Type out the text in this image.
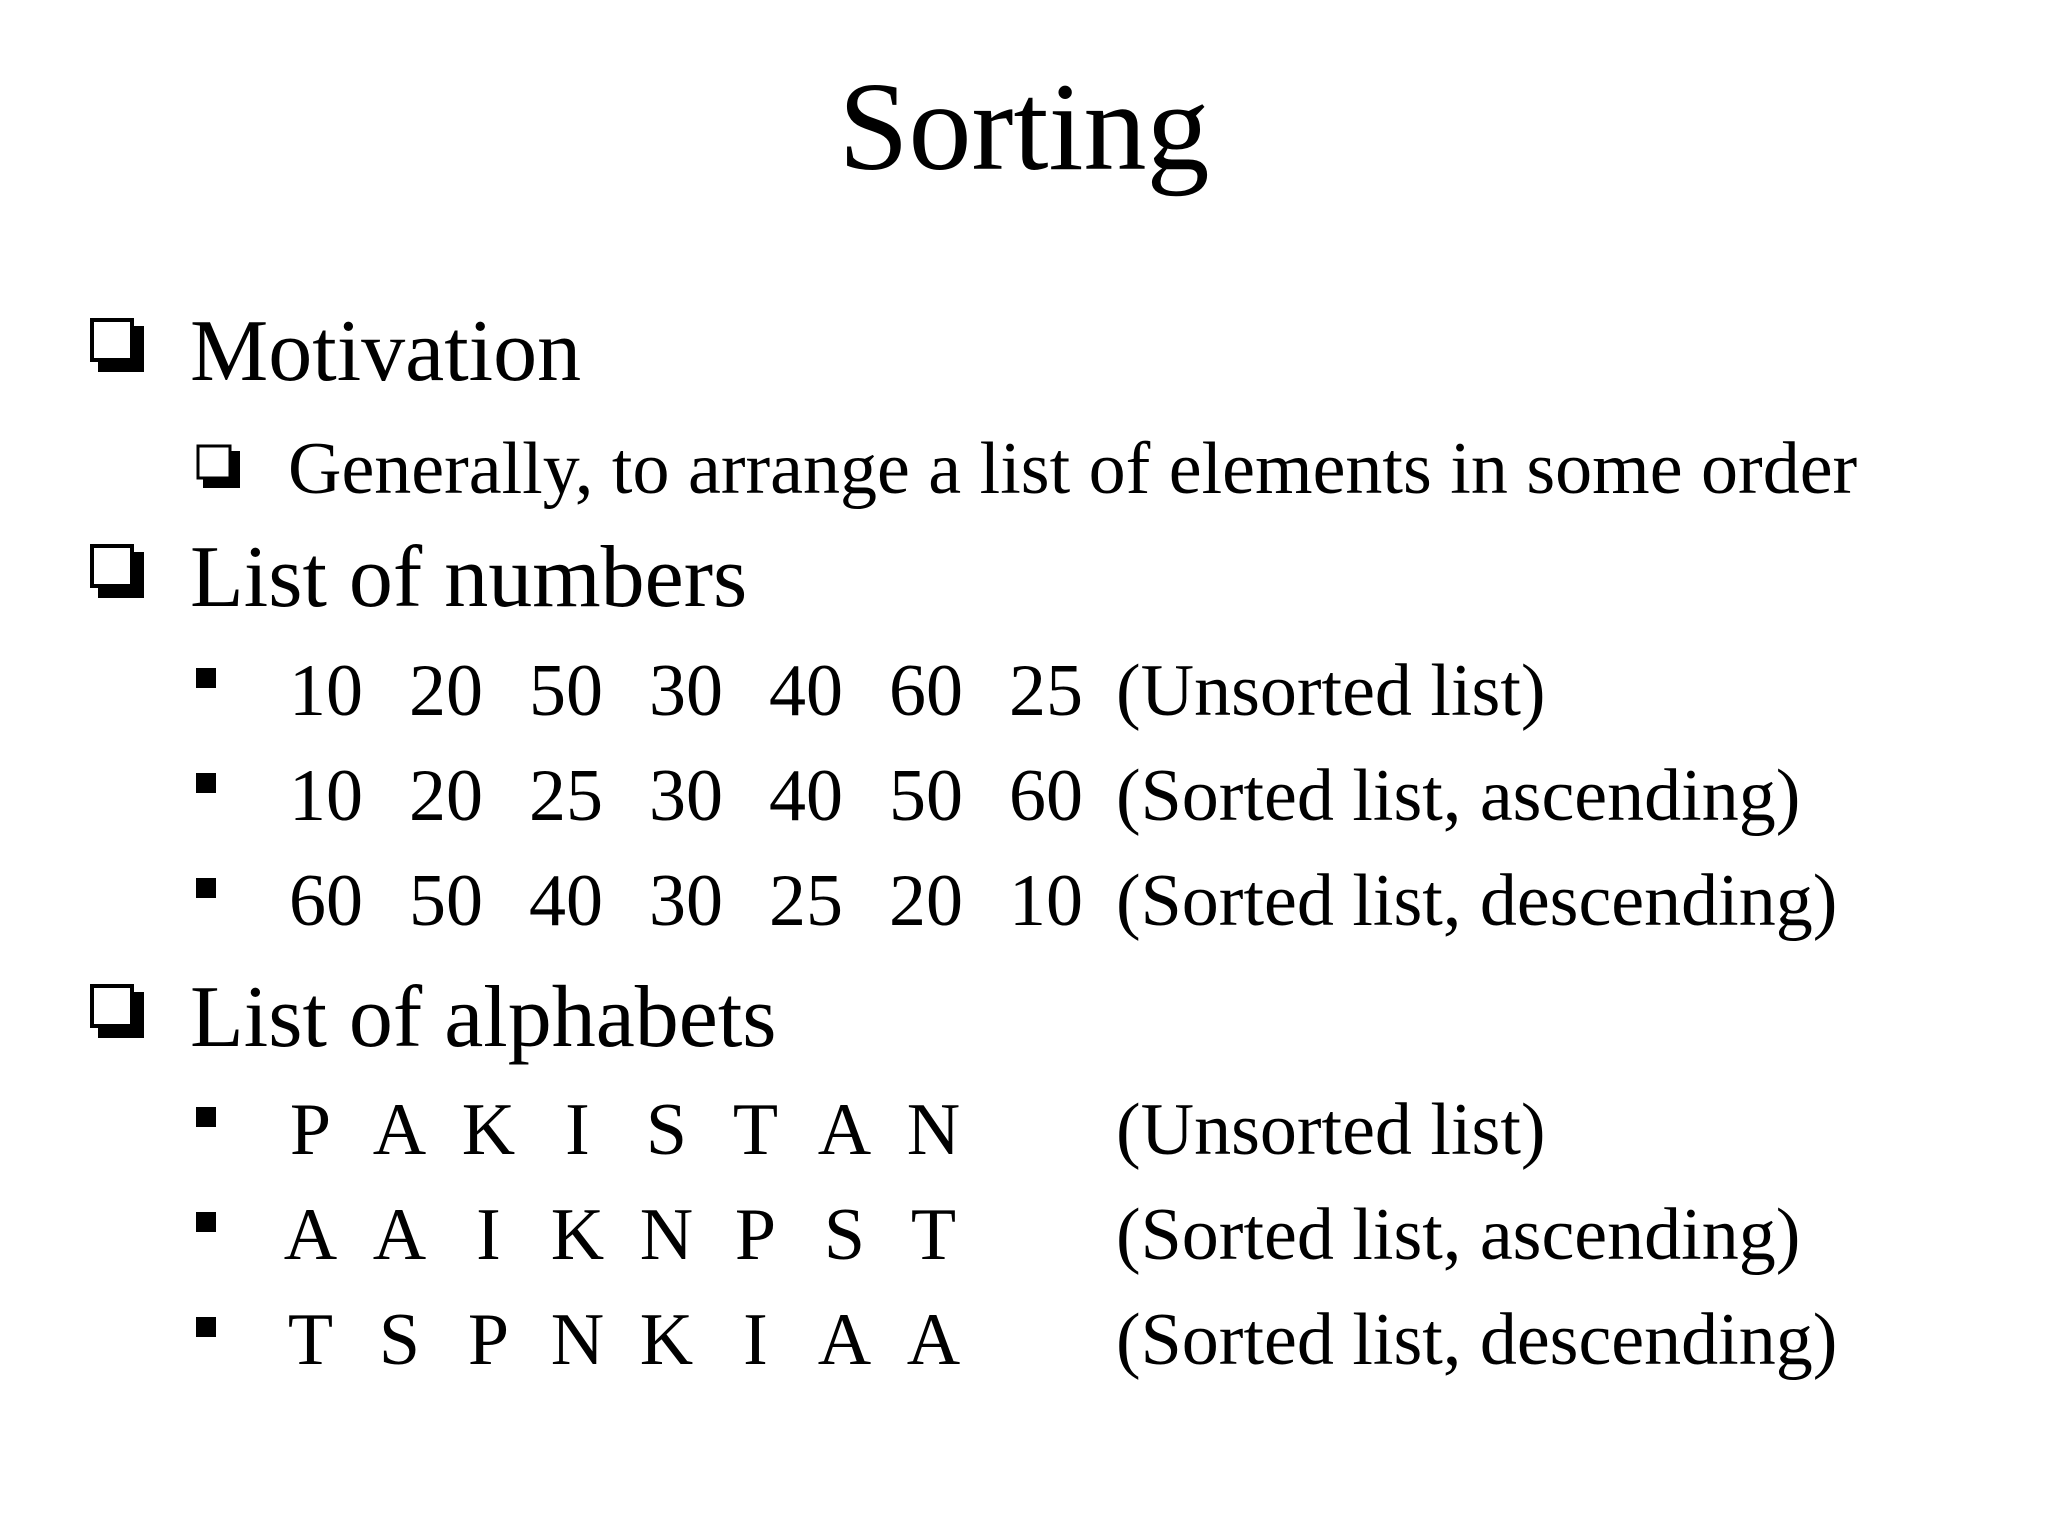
Sorting
Motivation
Generally, to arrange a list of elements in some order
List of numbers
10 20 50 30 40 60 25 (Unsorted list)
10 20 25 30 40 50 60 (Sorted list, ascending)
60 50 40 30 25 20 10 (Sorted list, descending)
List of alphabets
P A K I S T A N (Unsorted list)
A A I K N P S T (Sorted list, ascending)
T S P N K I A A (Sorted list, descending)
